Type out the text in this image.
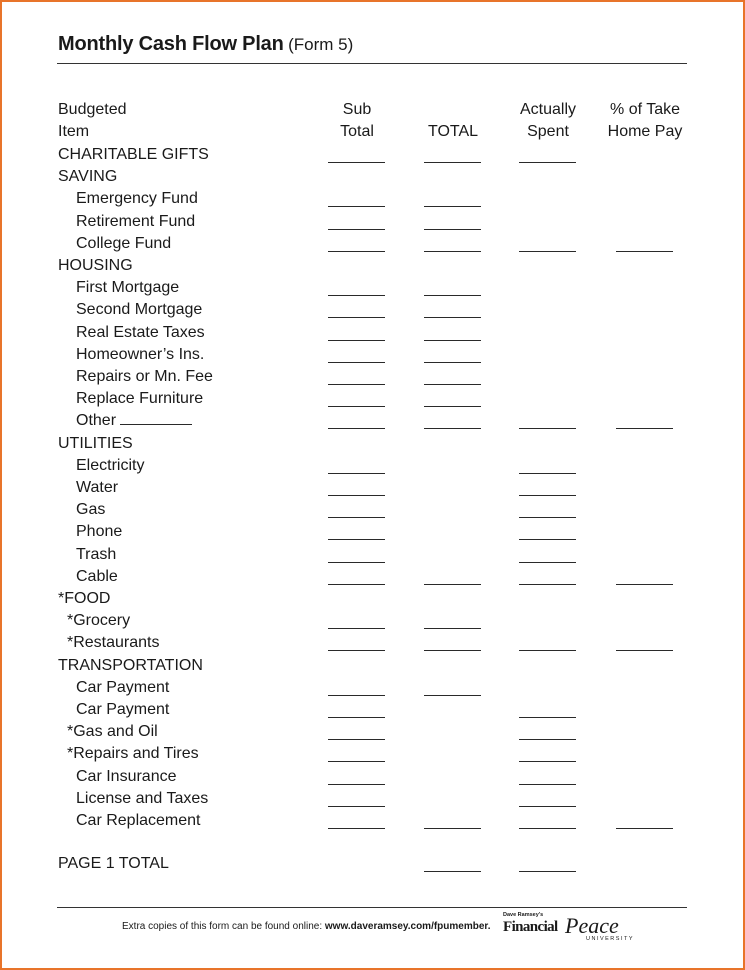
Monthly Cash Flow Plan (Form 5)
Budgeted
Item
Sub
Total	TOTAL
Actually
Spent
% of Take
Home Pay
CHARITABLE GIFTS
SAVING
Emergency Fund
Retirement Fund
College Fund
HOUSING
First Mortgage
Second Mortgage
Real Estate Taxes
Homeowner’s Ins.
Repairs or Mn. Fee
Replace Furniture
Other
UTILITIES
Electricity
Water
Gas
Phone
Trash
Cable
*FOOD
*Grocery
*Restaurants
TRANSPORTATION
Car Payment
Car Payment
*Gas and Oil
*Repairs and Tires
Car Insurance
License and Taxes
Car Replacement
PAGE 1 TOTAL
Extra copies of this form can be found online: www.daveramsey.com/fpumember.
Dave Ramsey’s
Financial Peace
UNIVERSITY
